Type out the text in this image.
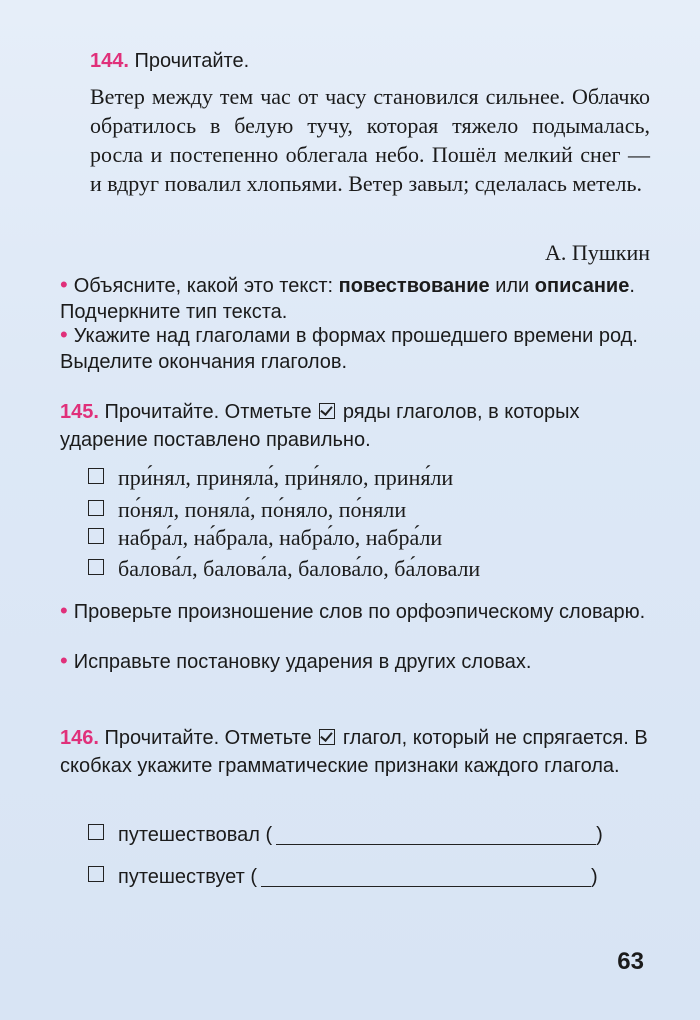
144. Прочитайте.
Ветер между тем час от часу становился сильнее. Облачко обратилось в белую тучу, которая тяжело подымалась, росла и постепенно облегала небо. Пошёл мелкий снег — и вдруг повалил хлопьями. Ветер завыл; сделалась метель.
А. Пушкин
• Объясните, какой это текст: повествование или описание. Подчеркните тип текста.
• Укажите над глаголами в формах прошедшего времени род. Выделите окончания глаголов.
145. Прочитайте. Отметьте ряды глаголов, в которых ударение поставлено правильно.
при́нял, приняла́, при́няло, приня́ли
по́нял, поняла́, по́няло, по́няли
набра́л, на́брала, набра́ло, набра́ли
балова́л, балова́ла, балова́ло, ба́ловали
• Проверьте произношение слов по орфоэпическому словарю.
• Исправьте постановку ударения в других словах.
146. Прочитайте. Отметьте глагол, который не спрягается. В скобках укажите грамматические признаки каждого глагола.
путешествовал (	)
путешествует (	)
63
